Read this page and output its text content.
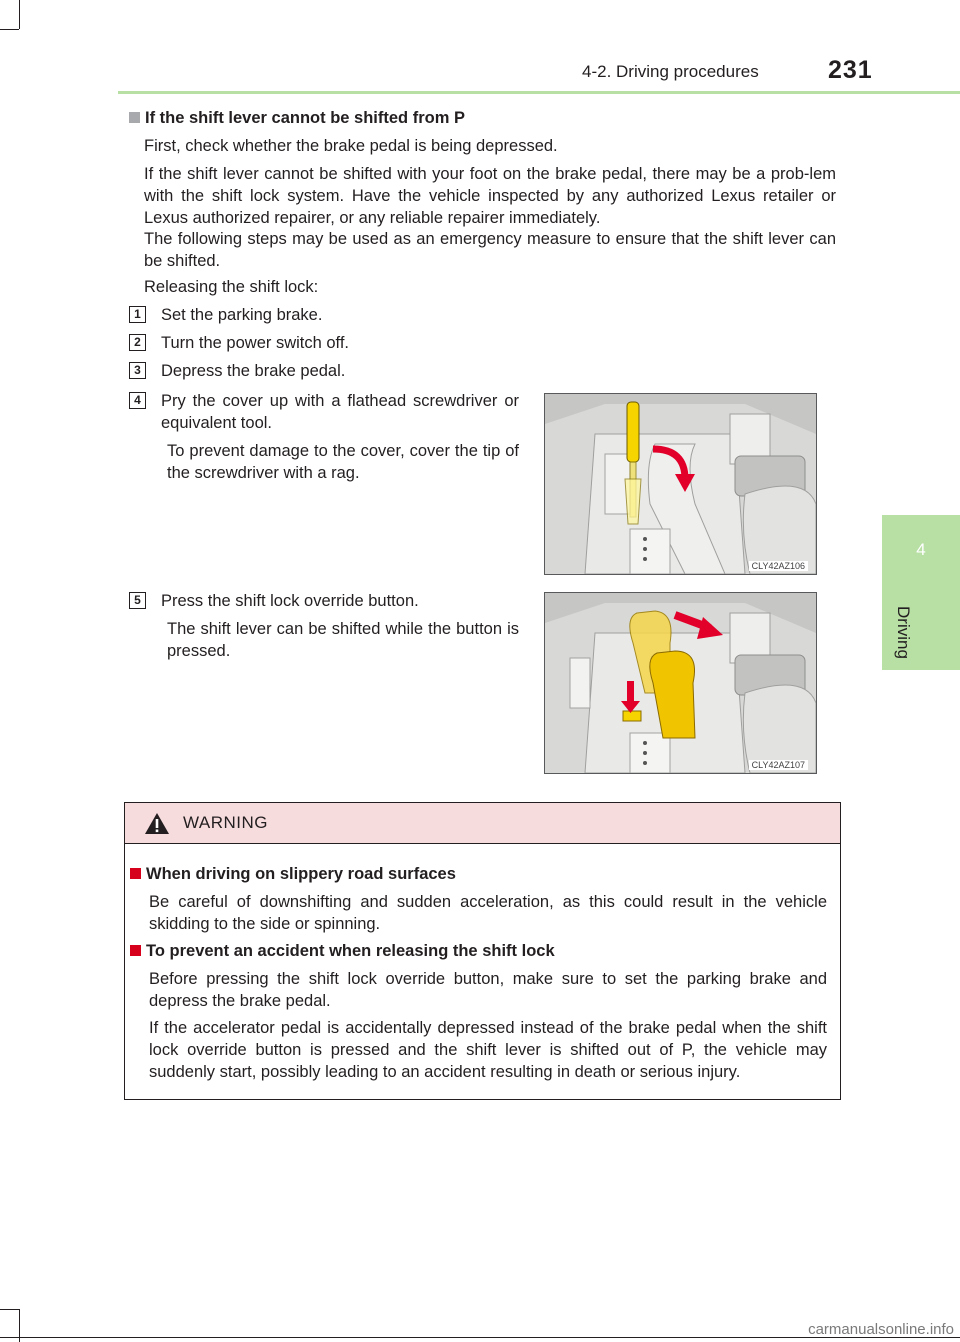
4-2. Driving procedures	231
4
Driving
If the shift lever cannot be shifted from P
First, check whether the brake pedal is being depressed.
If the shift lever cannot be shifted with your foot on the brake pedal, there may be a prob-lem with the shift lock system. Have the vehicle inspected by any authorized Lexus retailer or Lexus authorized repairer, or any reliable repairer immediately.
The following steps may be used as an emergency measure to ensure that the shift lever can be shifted.
Releasing the shift lock:
1	Set the parking brake.
2	Turn the power switch off.
3	Depress the brake pedal.
4	Pry the cover up with a flathead screwdriver or equivalent tool.
To prevent damage to the cover, cover the tip of the screwdriver with a rag.
5	Press the shift lock override button.
The shift lever can be shifted while the button is pressed.
CLY42AZ106
CLY42AZ107
WARNING
When driving on slippery road surfaces
Be careful of downshifting and sudden acceleration, as this could result in the vehicle skidding to the side or spinning.
To prevent an accident when releasing the shift lock
Before pressing the shift lock override button, make sure to set the parking brake and depress the brake pedal.
If the accelerator pedal is accidentally depressed instead of the brake pedal when the shift lock override button is pressed and the shift lever is shifted out of P, the vehicle may suddenly start, possibly leading to an accident resulting in death or serious injury.
carmanualsonline.info
